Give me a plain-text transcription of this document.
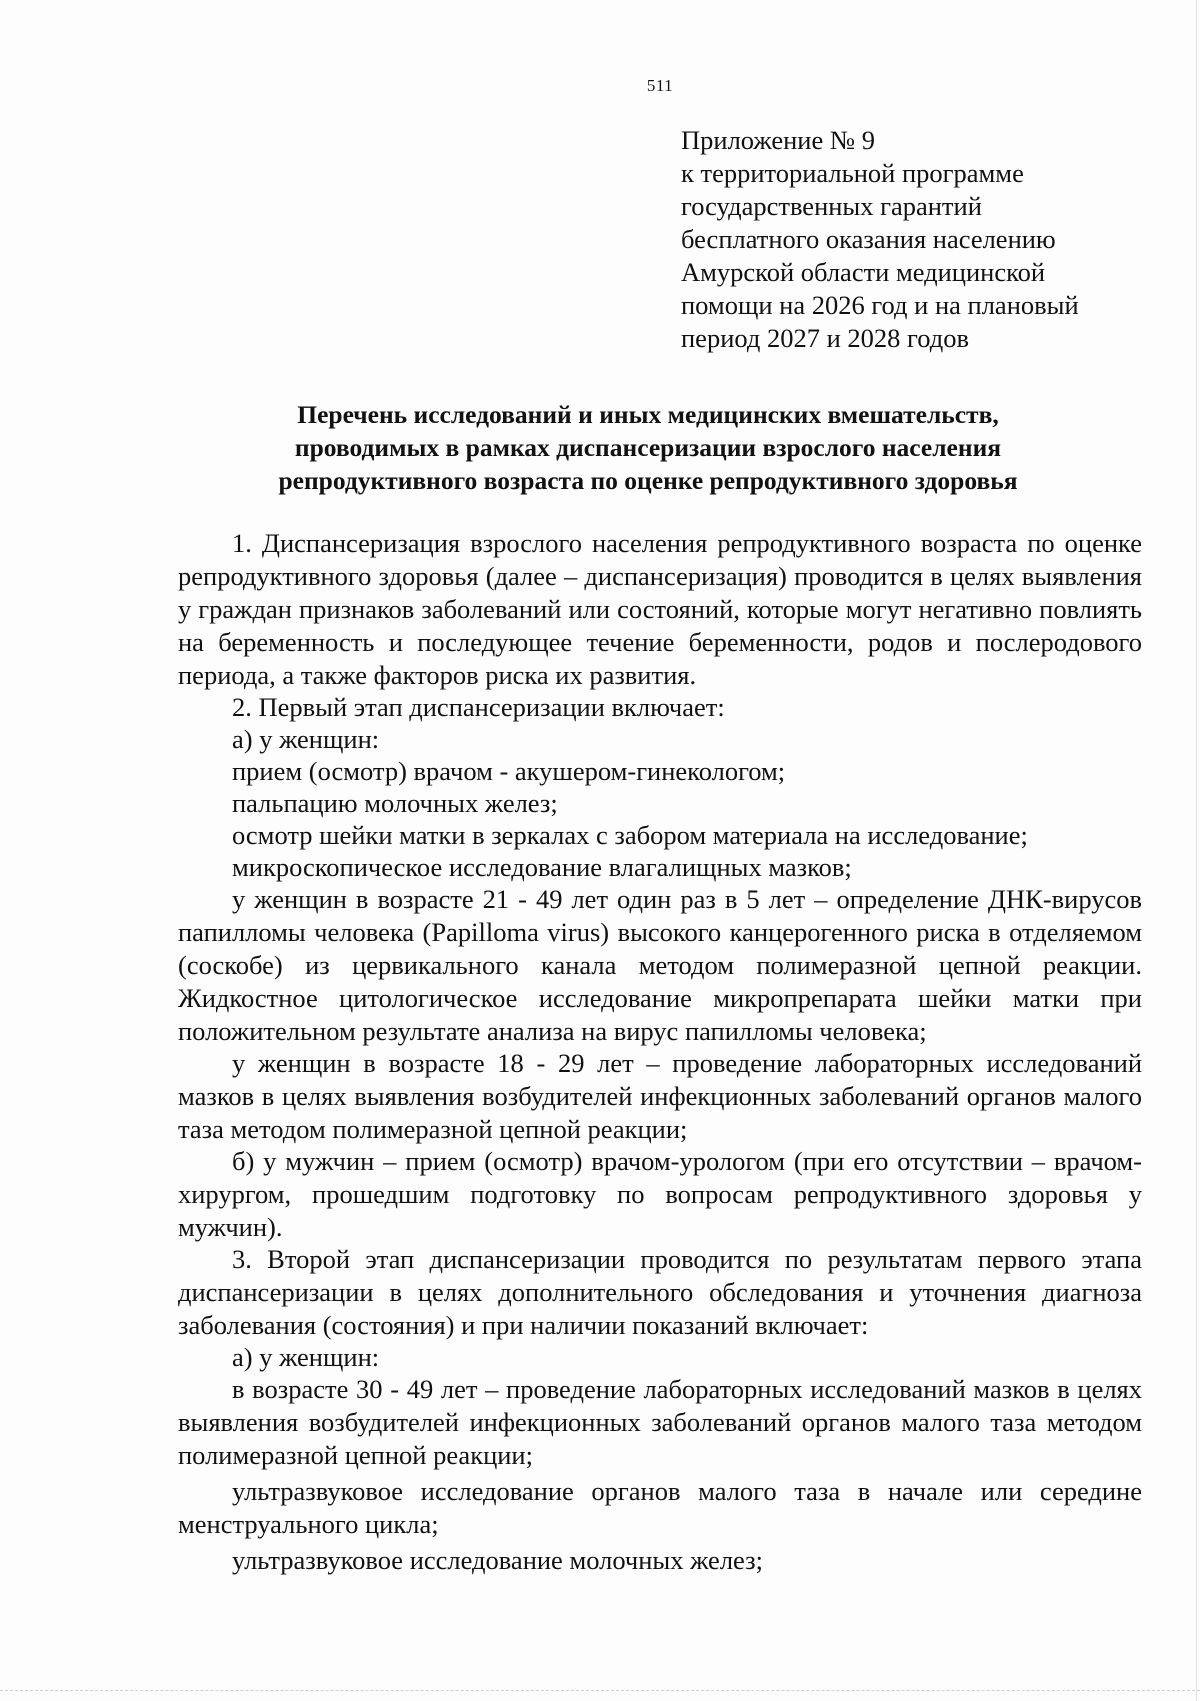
511
Приложение № 9
к территориальной программе
государственных гарантий
бесплатного оказания населению
Амурской области медицинской
помощи на 2026 год и на плановый
период 2027 и 2028 годов
Перечень исследований и иных медицинских вмешательств,
проводимых в рамках диспансеризации взрослого населения
репродуктивного возраста по оценке репродуктивного здоровья

1. Диспансеризация взрослого населения репродуктивного возраста по оценке репродуктивного здоровья (далее – диспансеризация) проводится в целях выявления у граждан признаков заболеваний или состояний, которые могут негативно повлиять на беременность и последующее течение беременности, родов и послеродового периода, а также факторов риска их развития.

2. Первый этап диспансеризации включает:

а) у женщин:

прием (осмотр) врачом - акушером-гинекологом;

пальпацию молочных желез;

осмотр шейки матки в зеркалах с забором материала на исследование;

микроскопическое исследование влагалищных мазков;

у женщин в возрасте 21 - 49 лет один раз в 5 лет – определение ДНК-вирусов папилломы человека (Papilloma virus) высокого канцерогенного риска в отделяемом (соскобе) из цервикального канала методом полимеразной цепной реакции. Жидкостное цитологическое исследование микропрепарата шейки матки при положительном результате анализа на вирус папилломы человека;

у женщин в возрасте 18 - 29 лет – проведение лабораторных исследований мазков в целях выявления возбудителей инфекционных заболеваний органов малого таза методом полимеразной цепной реакции;

б) у мужчин – прием (осмотр) врачом-урологом (при его отсутствии – врачом-хирургом, прошедшим подготовку по вопросам репродуктивного здоровья у мужчин).

3. Второй этап диспансеризации проводится по результатам первого этапа диспансеризации в целях дополнительного обследования и уточнения диагноза заболевания (состояния) и при наличии показаний включает:

а) у женщин:

в возрасте 30 - 49 лет – проведение лабораторных исследований мазков в целях выявления возбудителей инфекционных заболеваний органов малого таза методом полимеразной цепной реакции;

ультразвуковое исследование органов малого таза в начале или середине менструального цикла;

ультразвуковое исследование молочных желез;
